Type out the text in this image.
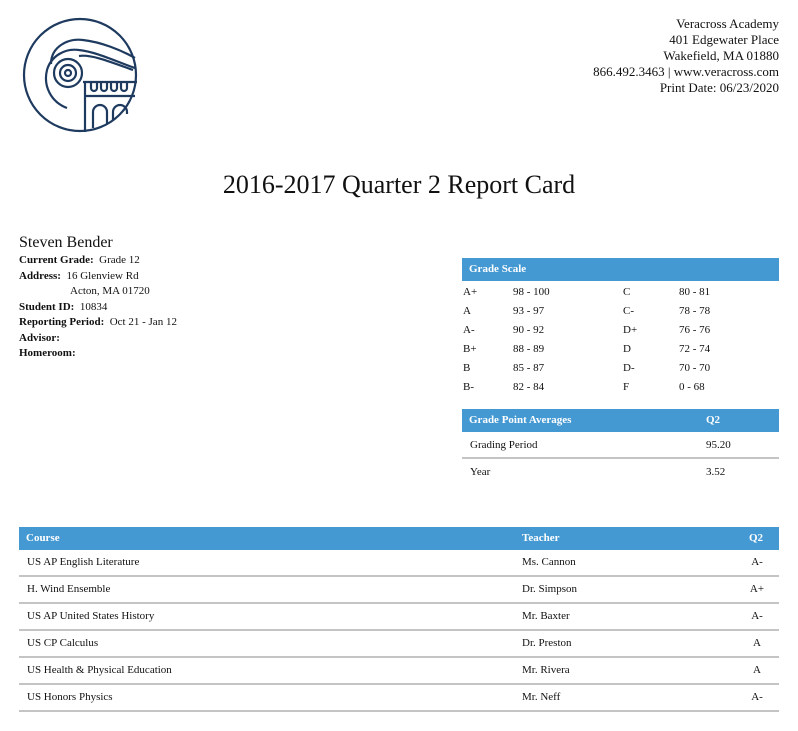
Veracross Academy
401 Edgewater Place
Wakefield, MA 01880
866.492.3463 | www.veracross.com
Print Date: 06/23/2020
2016-2017 Quarter 2 Report Card
Steven Bender
Current Grade: Grade 12
Address: 16 Glenview Rd
Acton, MA 01720
Student ID: 10834
Reporting Period: Oct 21 - Jan 12
Advisor:
Homeroom:
Grade Scale
A+	98 - 100	C	80 - 81
A	93 - 97	C-	78 - 78
A-	90 - 92	D+	76 - 76
B+	88 - 89	D	72 - 74
B	85 - 87	D-	70 - 70
B-	82 - 84	F	0 - 68
Grade Point Averages	Q2
Grading Period	95.20
Year	3.52
Course	Teacher	Q2
US AP English Literature	Ms. Cannon	A-
H. Wind Ensemble	Dr. Simpson	A+
US AP United States History	Mr. Baxter	A-
US CP Calculus	Dr. Preston	A
US Health & Physical Education	Mr. Rivera	A
US Honors Physics	Mr. Neff	A-
